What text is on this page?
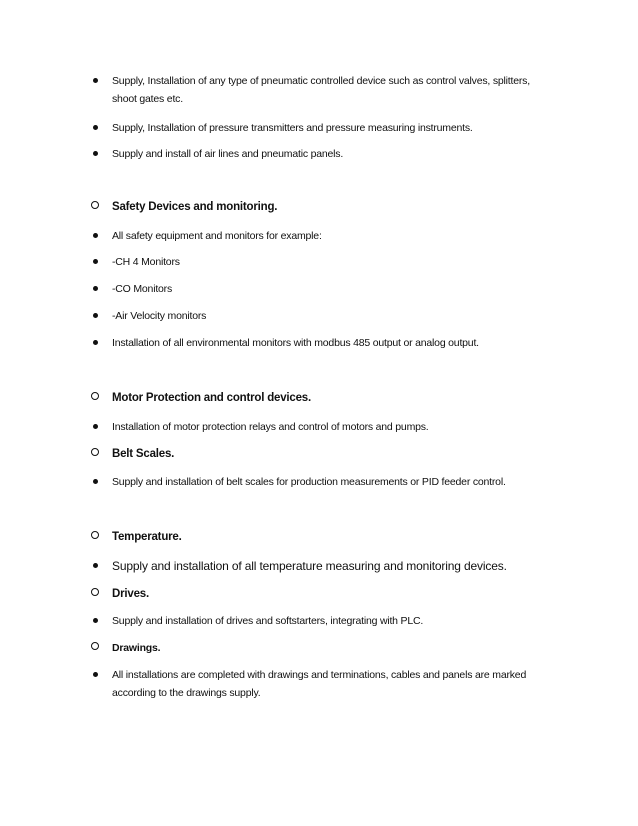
Supply, Installation of any type of pneumatic controlled device such as control valves, splitters, shoot gates etc.
Supply, Installation of pressure transmitters and pressure measuring instruments.
Supply and install of air lines and pneumatic panels.
Safety Devices and monitoring.
All safety equipment and monitors for example:
-CH 4 Monitors
-CO Monitors
-Air Velocity monitors
Installation of all environmental monitors with modbus 485 output or analog output.
Motor Protection and control devices.
Installation of motor protection relays and control of motors and pumps.
Belt Scales.
Supply and installation of belt scales for production measurements or PID feeder control.
Temperature.
Supply and installation of all temperature measuring and monitoring devices.
Drives.
Supply and installation of drives and softstarters, integrating with PLC.
Drawings.
All installations are completed with drawings and terminations, cables and panels are marked according to the drawings supply.
